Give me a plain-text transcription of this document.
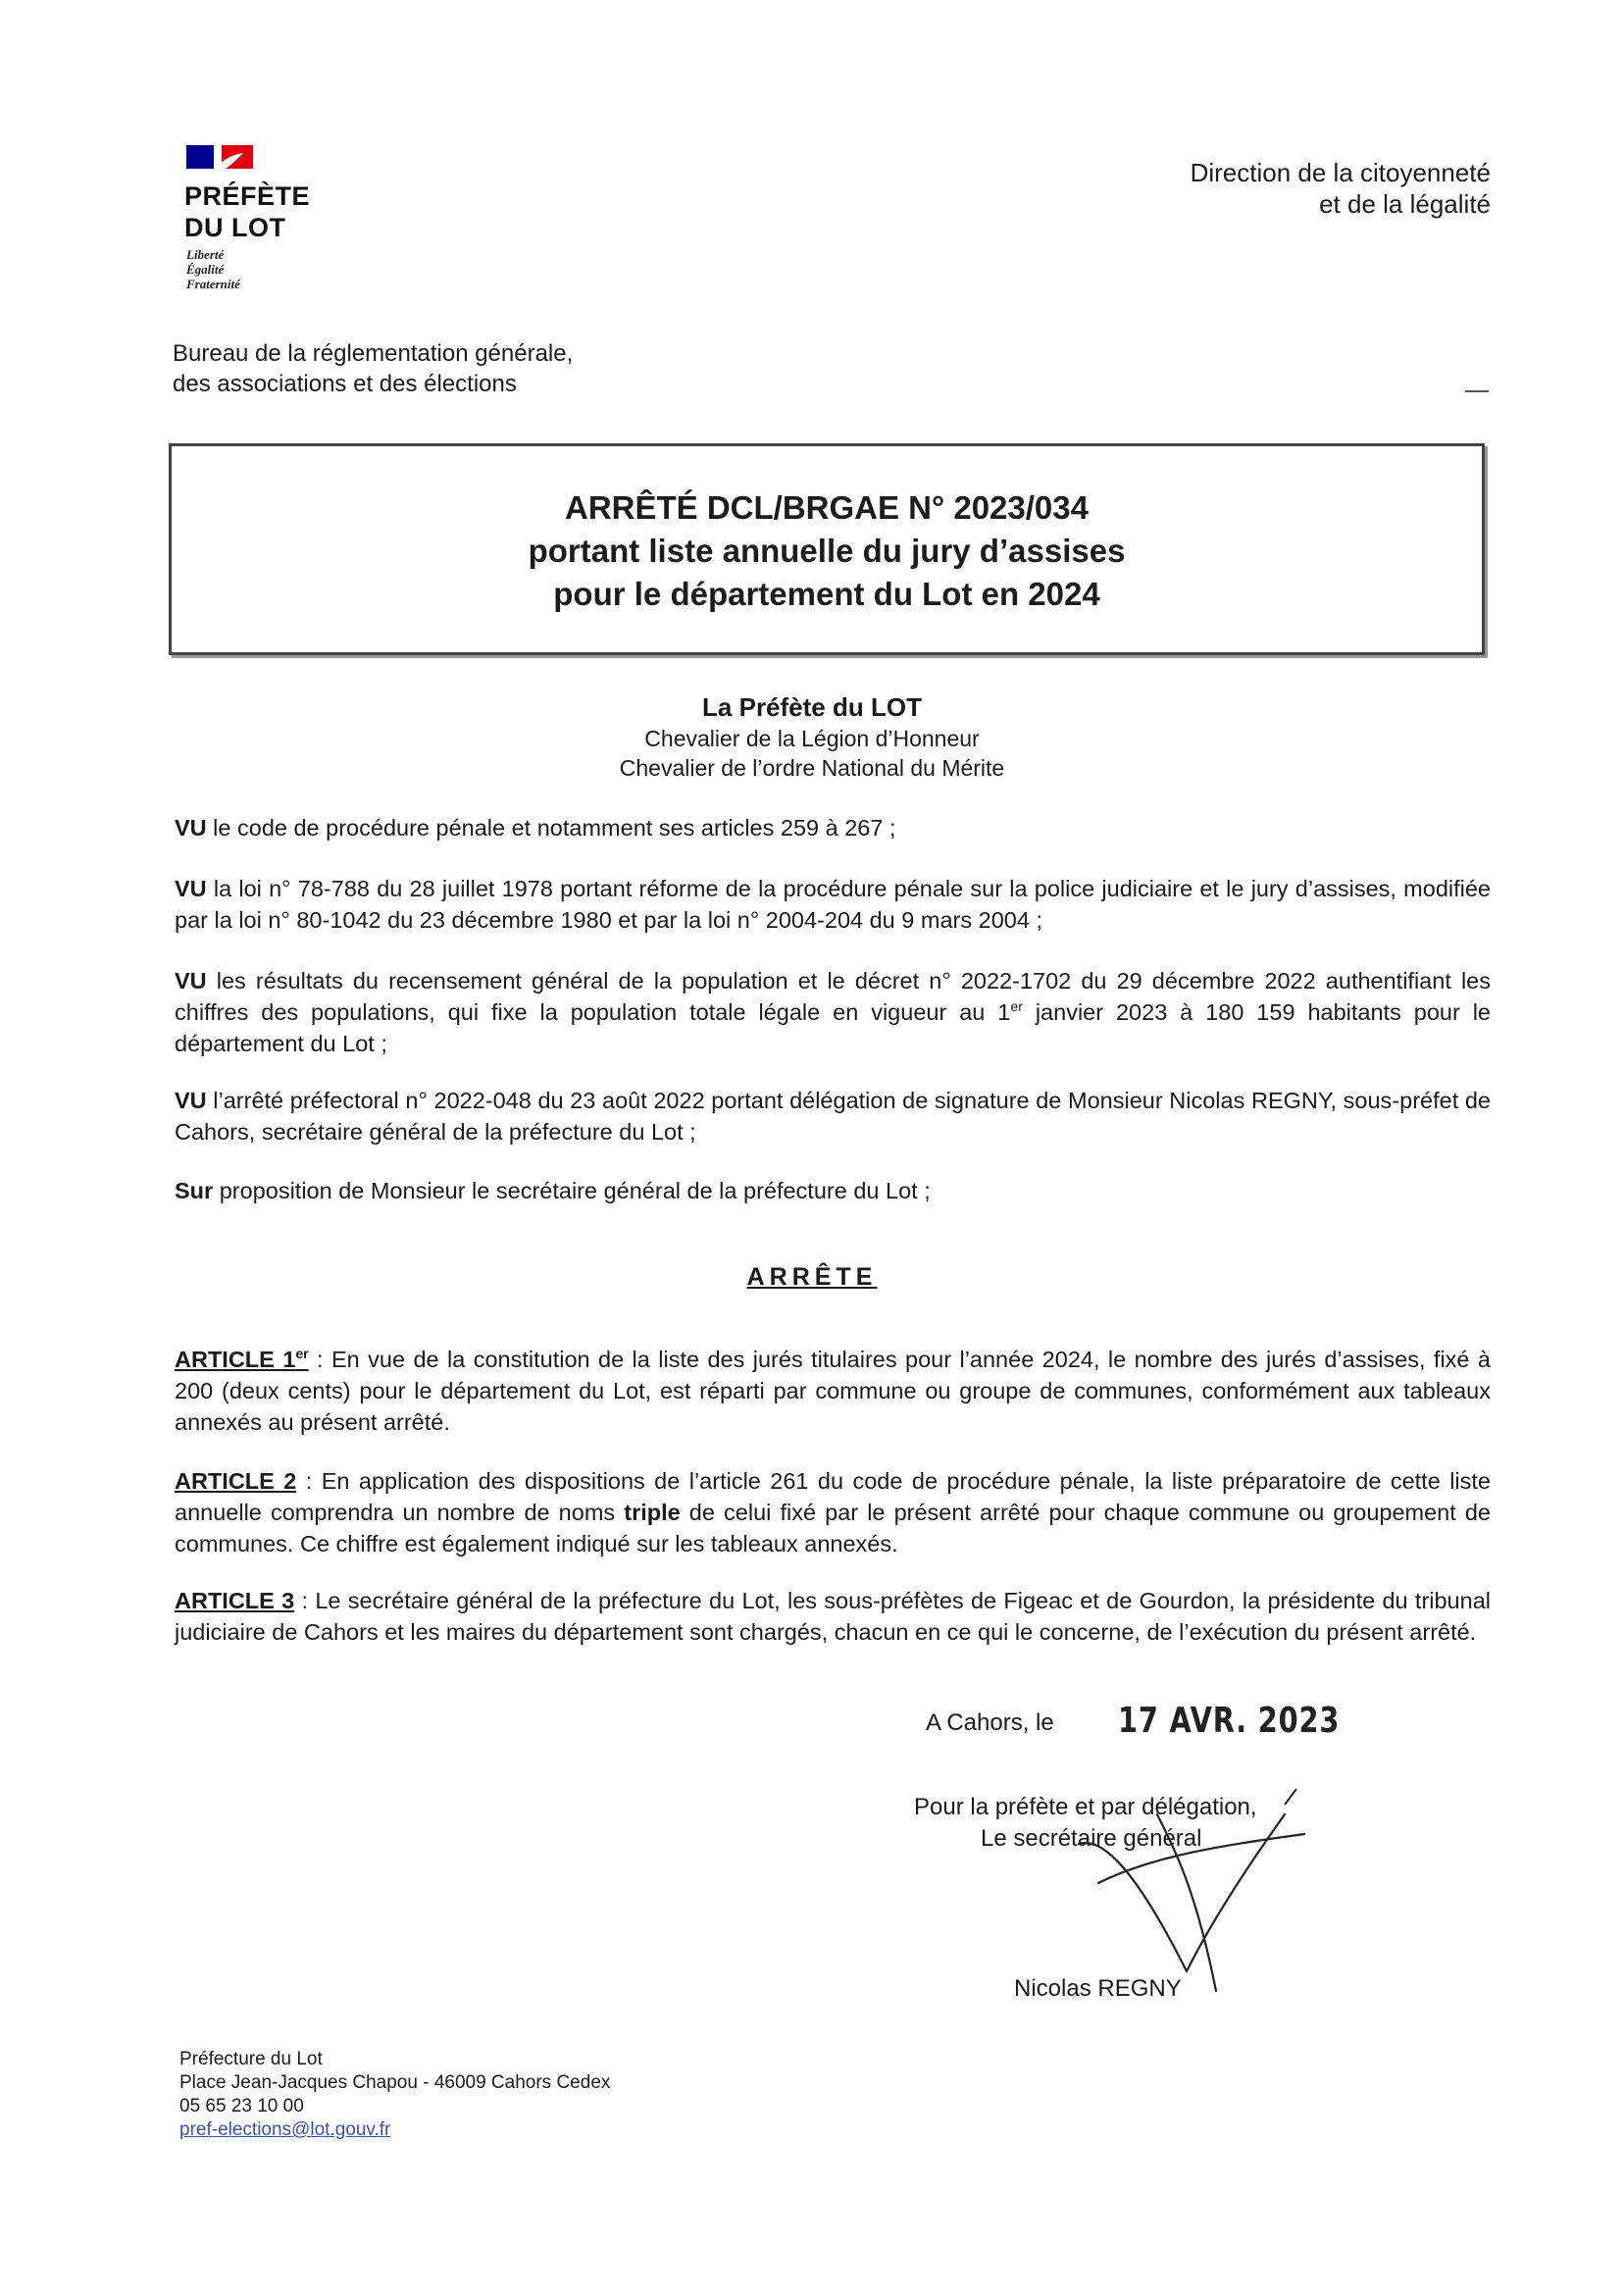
PRÉFÈTE
DU LOT
Liberté
Égalité
Fraternité
Direction de la citoyenneté
et de la légalité
Bureau de la réglementation générale,
des associations et des élections
ARRÊTÉ DCL/BRGAE N° 2023/034
portant liste annuelle du jury d’assises
pour le département du Lot en 2024
La Préfète du LOT
Chevalier de la Légion d’Honneur
Chevalier de l’ordre National du Mérite
VU le code de procédure pénale et notamment ses articles 259 à 267 ;
VU la loi n° 78-788 du 28 juillet 1978 portant réforme de la procédure pénale sur la police judiciaire et le jury d’assises, modifiée par la loi n° 80-1042 du 23 décembre 1980 et par la loi n° 2004-204 du 9 mars 2004 ;
VU les résultats du recensement général de la population et le décret n° 2022-1702 du 29 décembre 2022 authentifiant les chiffres des populations, qui fixe la population totale légale en vigueur au 1er janvier 2023 à 180 159 habitants pour le département du Lot ;
VU l’arrêté préfectoral n° 2022-048 du 23 août 2022 portant délégation de signature de Monsieur Nicolas REGNY, sous-préfet de Cahors, secrétaire général de la préfecture du Lot ;
Sur proposition de Monsieur le secrétaire général de la préfecture du Lot ;
ARRÊTE
ARTICLE 1er : En vue de la constitution de la liste des jurés titulaires pour l’année 2024, le nombre des jurés d’assises, fixé à 200 (deux cents) pour le département du Lot, est réparti par commune ou groupe de communes, conformément aux tableaux annexés au présent arrêté.
ARTICLE 2 : En application des dispositions de l’article 261 du code de procédure pénale, la liste préparatoire de cette liste annuelle comprendra un nombre de noms triple de celui fixé par le présent arrêté pour chaque commune ou groupement de communes. Ce chiffre est également indiqué sur les tableaux annexés.
ARTICLE 3 : Le secrétaire général de la préfecture du Lot, les sous-préfètes de Figeac et de Gourdon, la présidente du tribunal judiciaire de Cahors et les maires du département sont chargés, chacun en ce qui le concerne, de l’exécution du présent arrêté.
A Cahors, le 17 AVR. 2023
Pour la préfète et par délégation,
Le secrétaire général
Nicolas REGNY
Préfecture du Lot
Place Jean-Jacques Chapou - 46009 Cahors Cedex
05 65 23 10 00
pref-elections@lot.gouv.fr
